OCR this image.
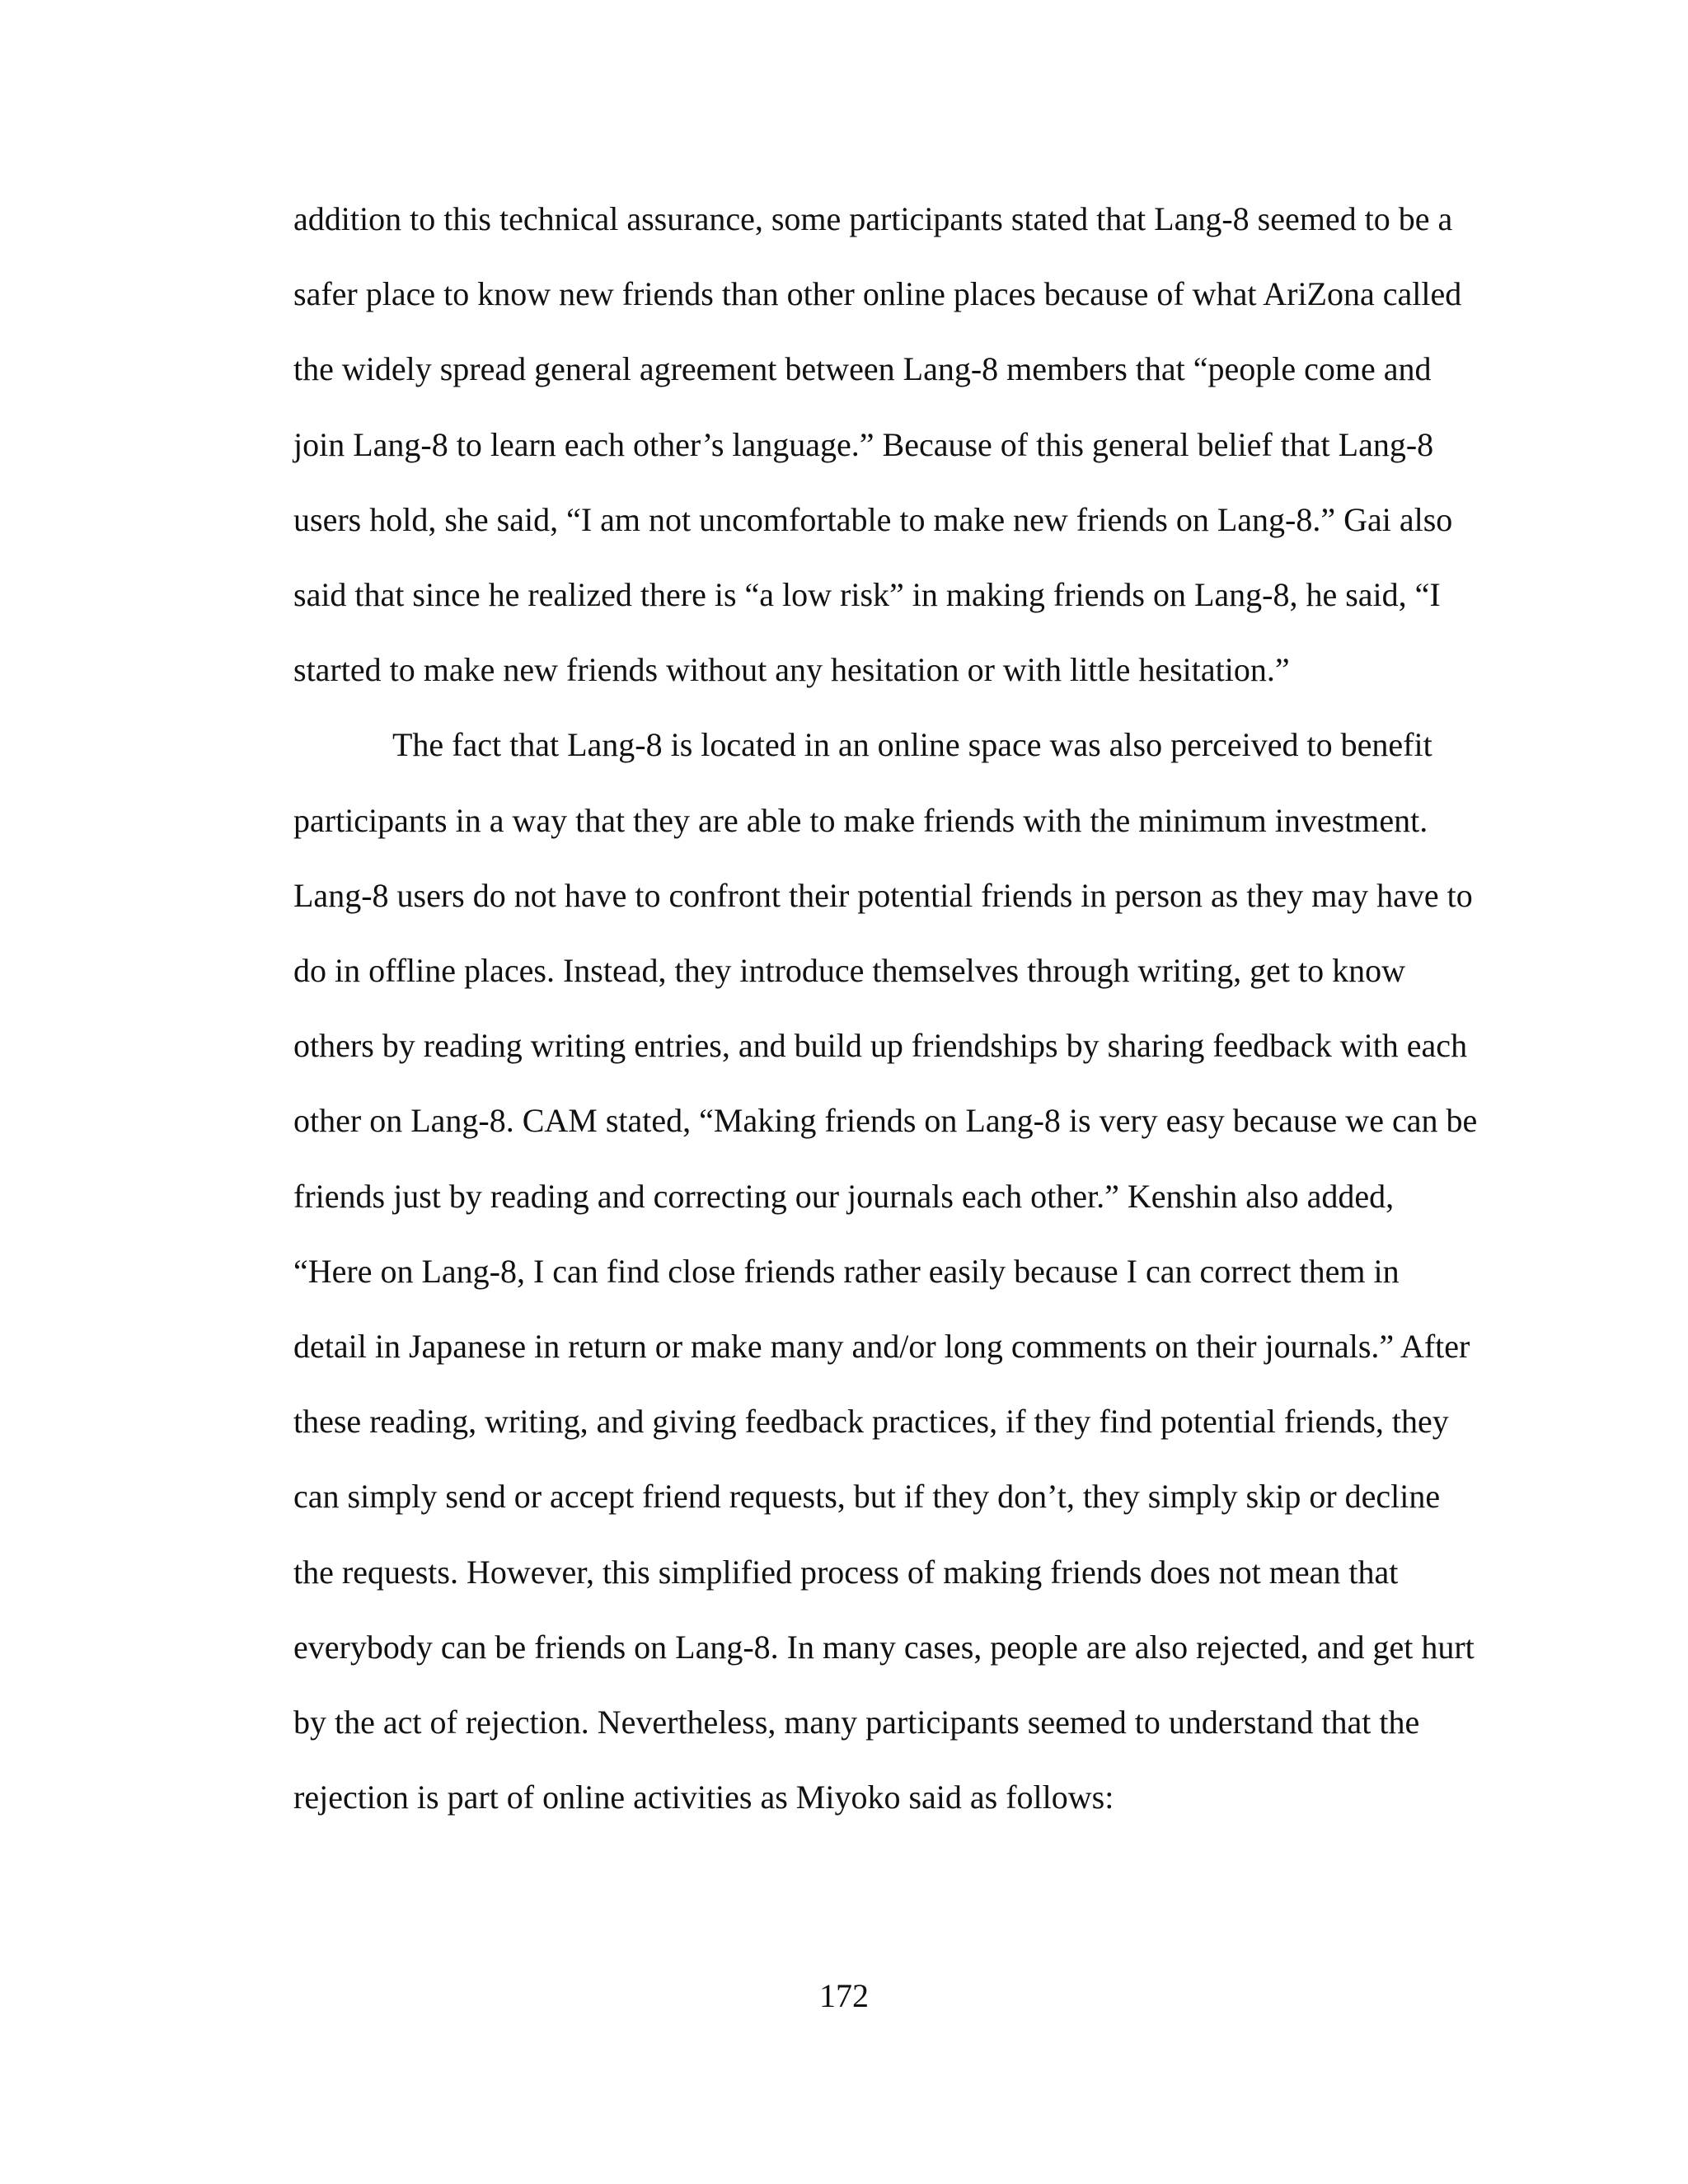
addition to this technical assurance, some participants stated that Lang-8 seemed to be a
safer place to know new friends than other online places because of what AriZona called
the widely spread general agreement between Lang-8 members that “people come and
join Lang-8 to learn each other’s language.” Because of this general belief that Lang-8
users hold, she said, “I am not uncomfortable to make new friends on Lang-8.” Gai also
said that since he realized there is “a low risk” in making friends on Lang-8, he said, “I
started to make new friends without any hesitation or with little hesitation.”
The fact that Lang-8 is located in an online space was also perceived to benefit
participants in a way that they are able to make friends with the minimum investment.
Lang-8 users do not have to confront their potential friends in person as they may have to
do in offline places. Instead, they introduce themselves through writing, get to know
others by reading writing entries, and build up friendships by sharing feedback with each
other on Lang-8. CAM stated, “Making friends on Lang-8 is very easy because we can be
friends just by reading and correcting our journals each other.” Kenshin also added,
“Here on Lang-8, I can find close friends rather easily because I can correct them in
detail in Japanese in return or make many and/or long comments on their journals.” After
these reading, writing, and giving feedback practices, if they find potential friends, they
can simply send or accept friend requests, but if they don’t, they simply skip or decline
the requests. However, this simplified process of making friends does not mean that
everybody can be friends on Lang-8. In many cases, people are also rejected, and get hurt
by the act of rejection. Nevertheless, many participants seemed to understand that the
rejection is part of online activities as Miyoko said as follows:
172
